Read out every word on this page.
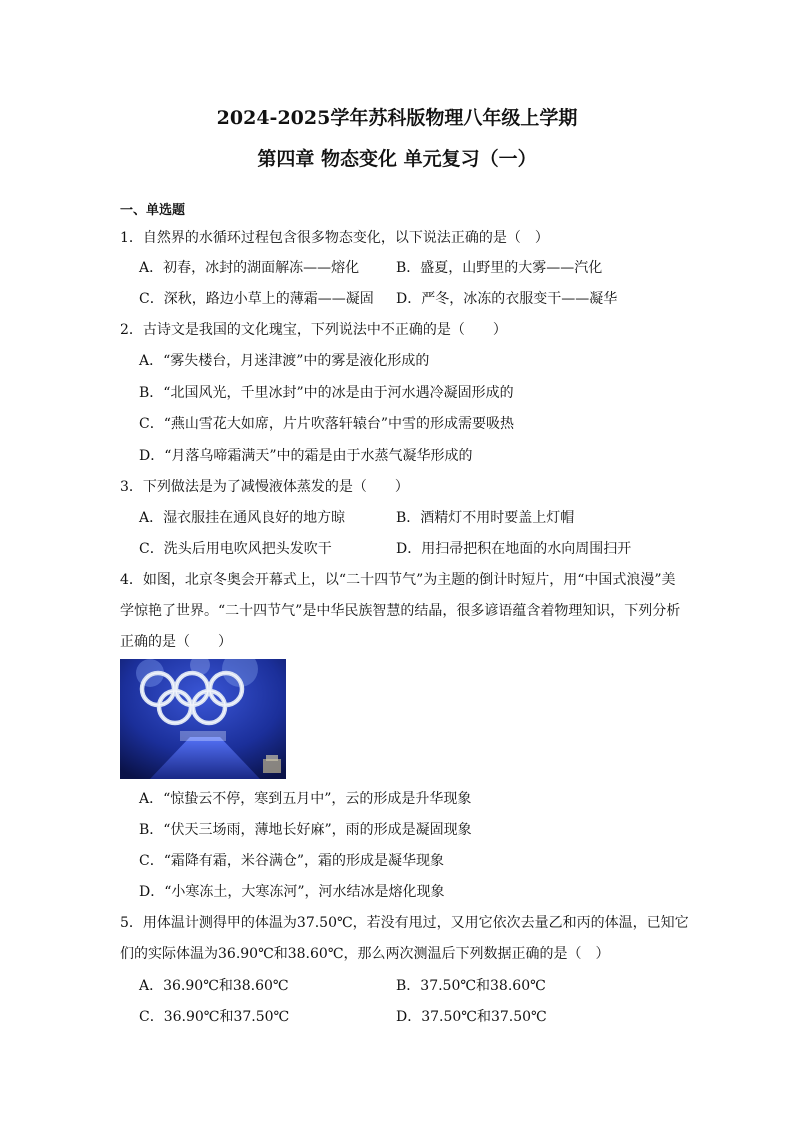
2024-2025学年苏科版物理八年级上学期
第四章 物态变化 单元复习（一）
一、单选题
1．自然界的水循环过程包含很多物态变化，以下说法正确的是（　）
A．初春，冰封的湖面解冻——熔化	B．盛夏，山野里的大雾——汽化
C．深秋，路边小草上的薄霜——凝固 D．严冬，冰冻的衣服变干——凝华
2．古诗文是我国的文化瑰宝，下列说法中不正确的是（　　）
A．“雾失楼台，月迷津渡”中的雾是液化形成的
B．“北国风光，千里冰封”中的冰是由于河水遇冷凝固形成的
C．“燕山雪花大如席，片片吹落轩辕台”中雪的形成需要吸热
D．“月落乌啼霜满天”中的霜是由于水蒸气凝华形成的
3．下列做法是为了减慢液体蒸发的是（　　）
A．湿衣服挂在通风良好的地方晾	B．酒精灯不用时要盖上灯帽
C．洗头后用电吹风把头发吹干	D．用扫帚把积在地面的水向周围扫开
4．如图，北京冬奥会开幕式上，以“二十四节气”为主题的倒计时短片，用“中国式浪漫”美
学惊艳了世界。“二十四节气”是中华民族智慧的结晶，很多谚语蕴含着物理知识，下列分析
正确的是（　　）
A．“惊蛰云不停，寒到五月中”，云的形成是升华现象
B．“伏天三场雨，薄地长好麻”，雨的形成是凝固现象
C．“霜降有霜，米谷满仓”，霜的形成是凝华现象
D．“小寒冻土，大寒冻河”，河水结冰是熔化现象
5．用体温计测得甲的体温为37.50℃，若没有甩过，又用它依次去量乙和丙的体温，已知它
们的实际体温为36.90℃和38.60℃，那么两次测温后下列数据正确的是（　）
A．36.90℃和38.60℃	B．37.50℃和38.60℃
C．36.90℃和37.50℃	D．37.50℃和37.50℃
